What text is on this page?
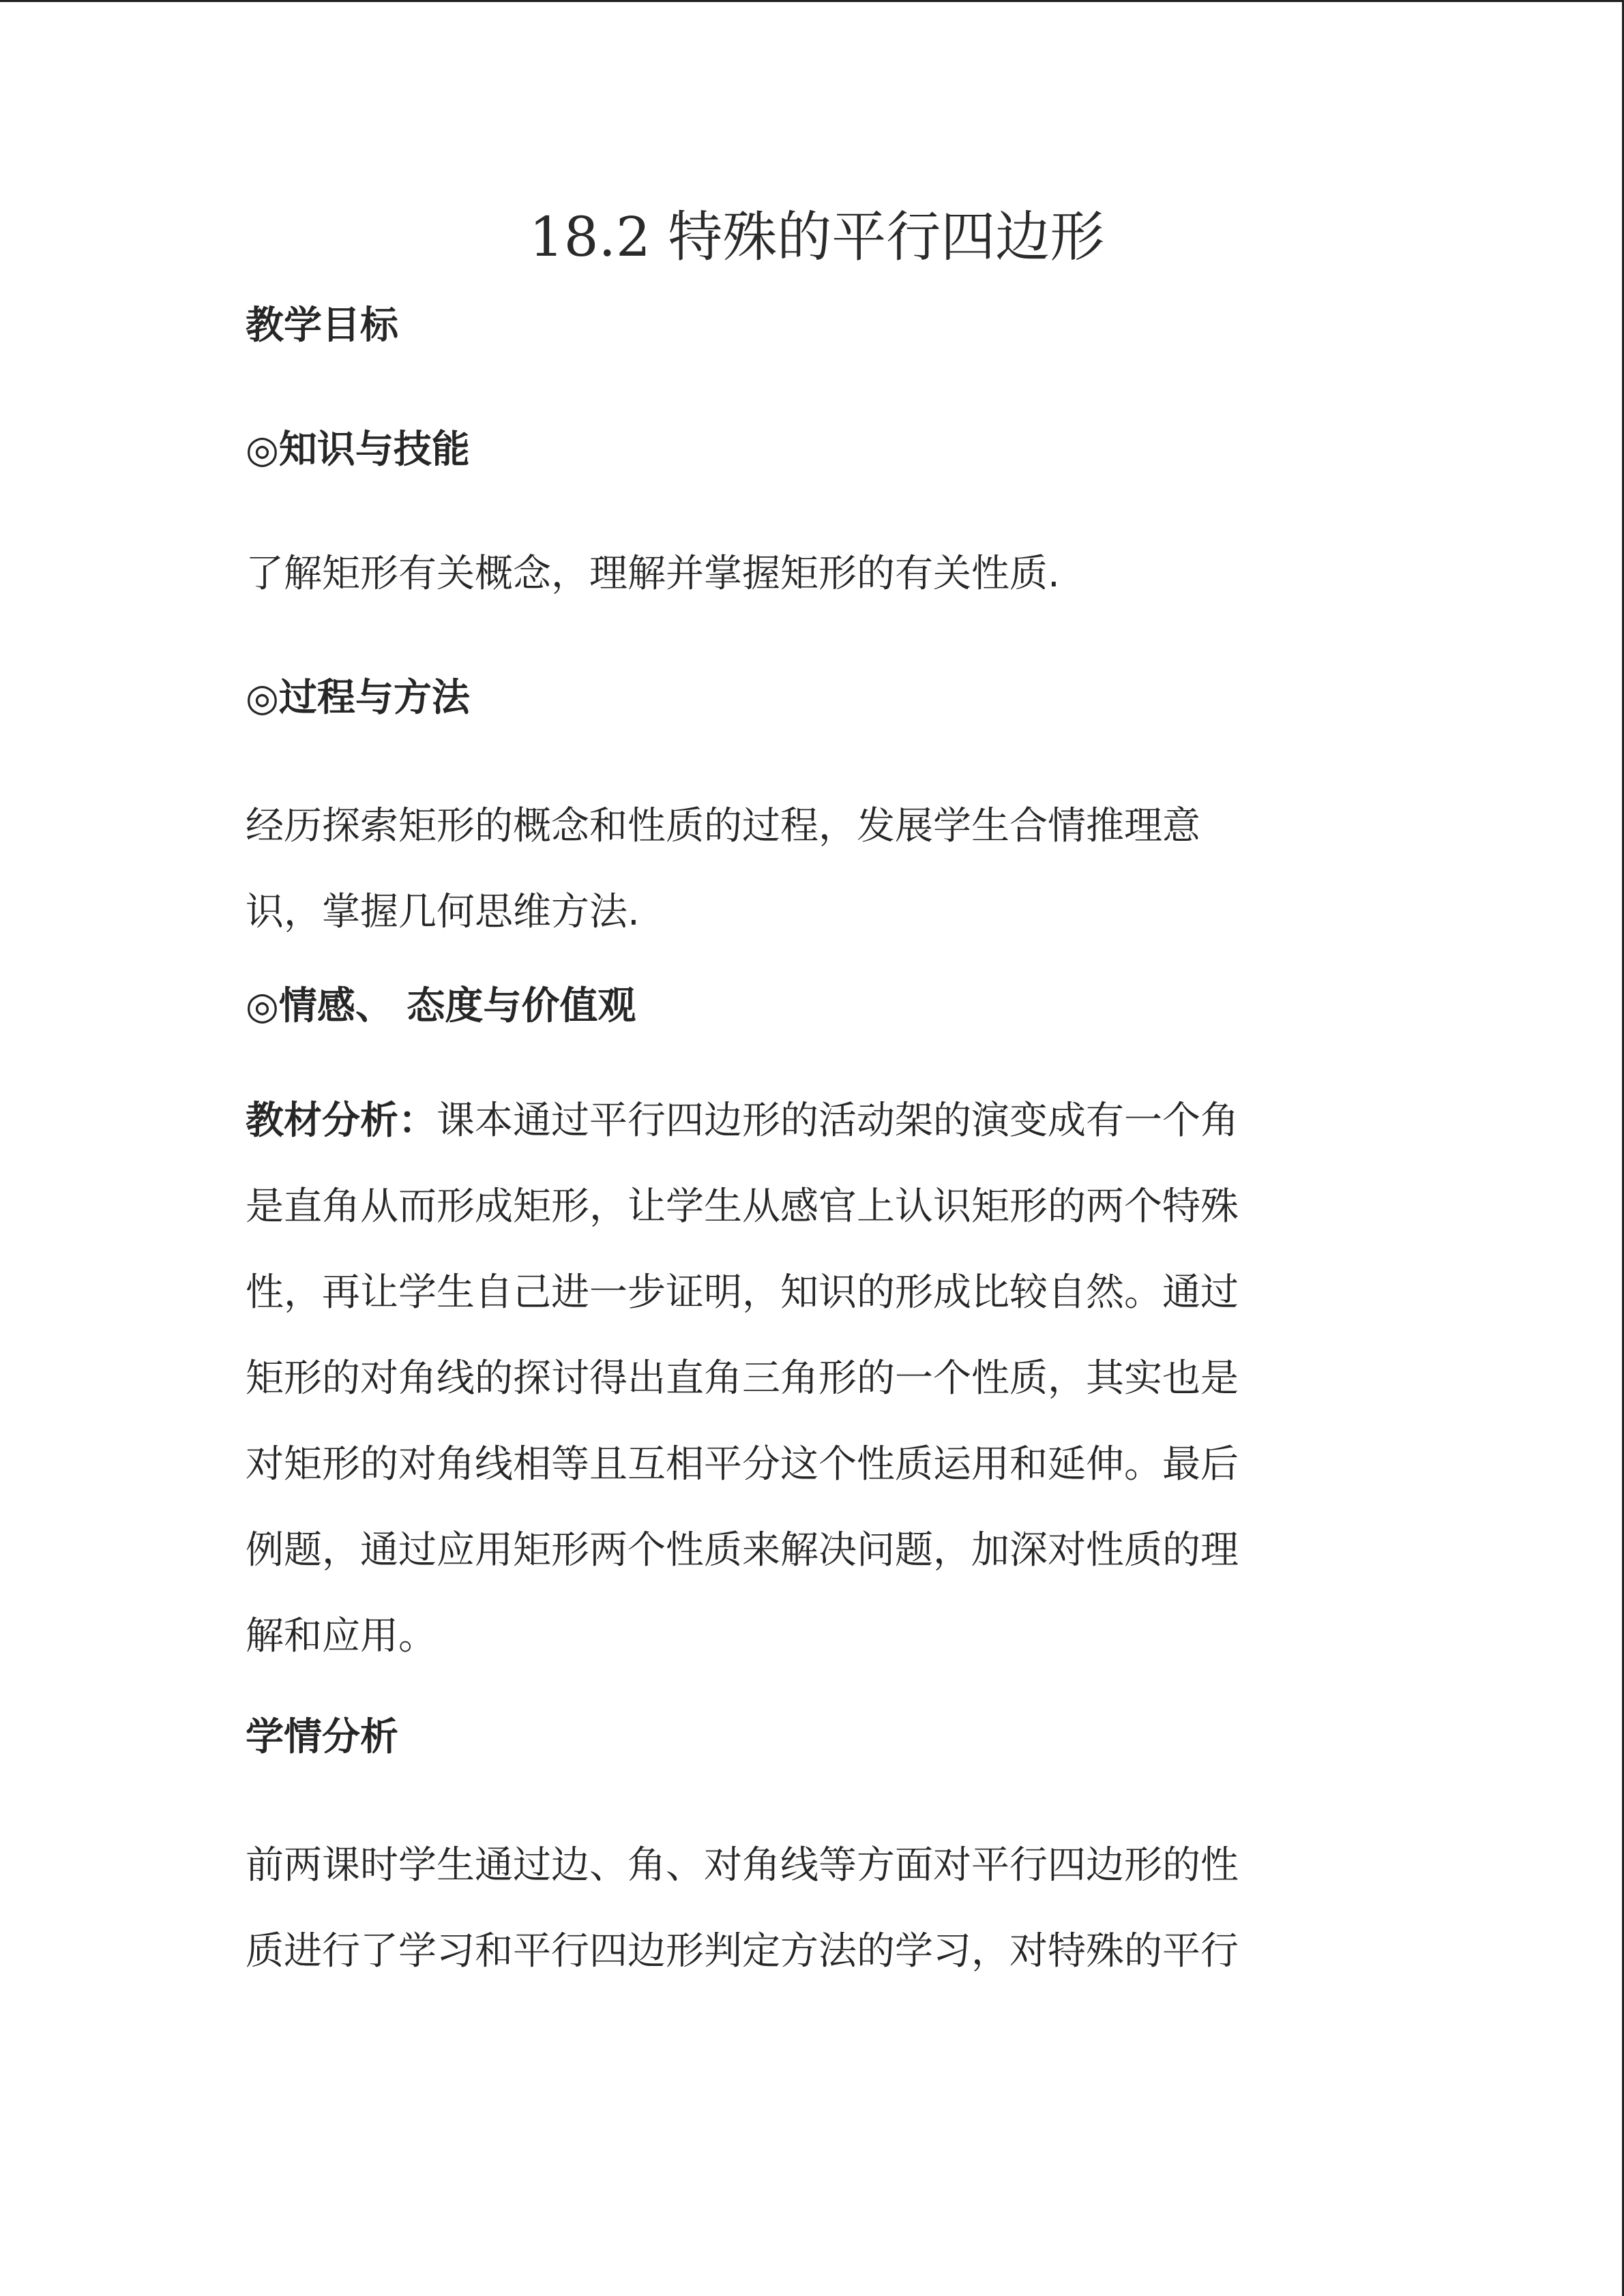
18.2 特殊的平行四边形

教学目标

◎知识与技能

了解矩形有关概念，理解并掌握矩形的有关性质.

◎过程与方法

经历探索矩形的概念和性质的过程，发展学生合情推理意

识，掌握几何思维方法.

◎情感、 态度与价值观

教材分析：课本通过平行四边形的活动架的演变成有一个角

是直角从而形成矩形，让学生从感官上认识矩形的两个特殊

性，再让学生自己进一步证明，知识的形成比较自然。通过

矩形的对角线的探讨得出直角三角形的一个性质，其实也是

对矩形的对角线相等且互相平分这个性质运用和延伸。最后

例题，通过应用矩形两个性质来解决问题，加深对性质的理

解和应用。

学情分析

前两课时学生通过边、角、对角线等方面对平行四边形的性

质进行了学习和平行四边形判定方法的学习，对特殊的平行
